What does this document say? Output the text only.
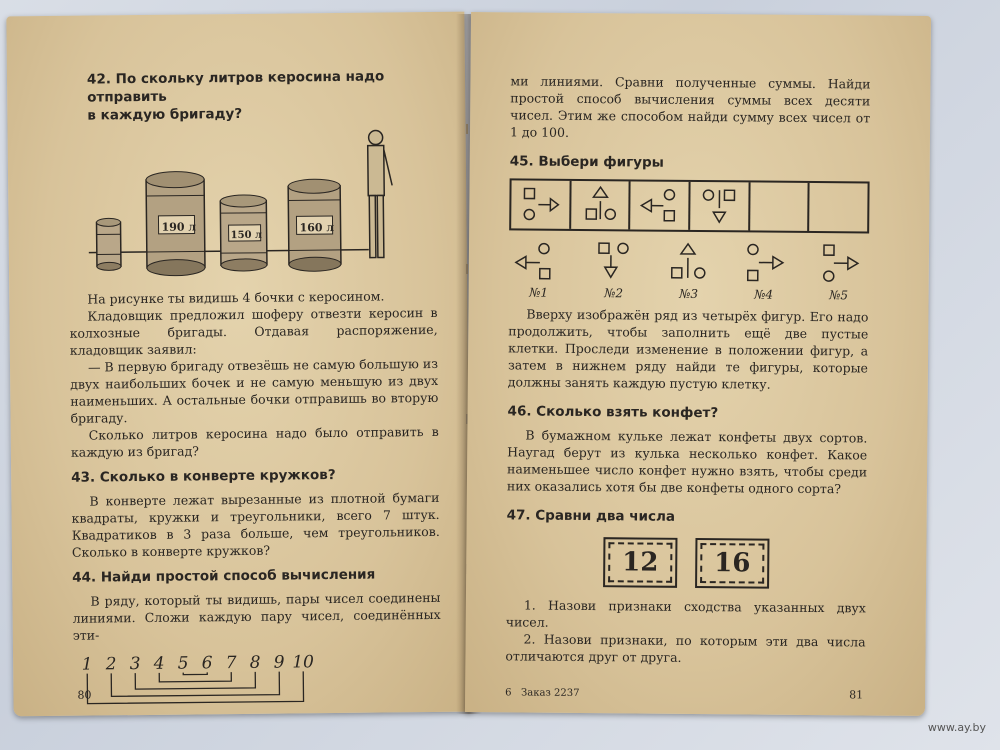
42. По скольку литров керосина надо отправить
в каждую бригаду?
190 л
150 л
160 л

На рисунке ты видишь 4 бочки с керосином.

Кладовщик предложил шоферу отвезти керосин в колхозные бригады. Отдавая распоряжение, кладовщик заявил:

— В первую бригаду отвезёшь не самую большую из двух наибольших бочек и не самую меньшую из двух наименьших. А остальные бочки отправишь во вторую бригаду.

Сколько литров керосина надо было отправить в каждую из бригад?

43. Сколько в конверте кружков?

В конверте лежат вырезанные из плотной бумаги квадраты, кружки и треугольники, всего 7 штук. Квадратиков в 3 раза больше, чем треугольников. Сколько в конверте кружков?

44. Найди простой способ вычисления

В ряду, который ты видишь, пары чисел соединены линиями. Сложи каждую пару чисел, соединённых эти-

1 2 3 4 5 6 7 8 9 10
80

ми линиями. Сравни полученные суммы. Найди простой способ вычисления суммы всех десяти чисел. Этим же способом найди сумму всех чисел от 1 до 100.

45. Выбери фигуры
№1	№2	№3	№4	№5

Вверху изображён ряд из четырёх фигур. Его надо продолжить, чтобы заполнить ещё две пустые клетки. Проследи изменение в положении фигур, а затем в нижнем ряду найди те фигуры, которые должны занять каждую пустую клетку.

46. Сколько взять конфет?

В бумажном кульке лежат конфеты двух сортов. Наугад берут из кулька несколько конфет. Какое наименьшее число конфет нужно взять, чтобы среди них оказались хотя бы две конфеты одного сорта?

47. Сравни два числа
12	16

1. Назови признаки сходства указанных двух чисел.

2. Назови признаки, по которым эти два числа отличаются друг от друга.

6 Заказ 2237	81
www.ay.by
